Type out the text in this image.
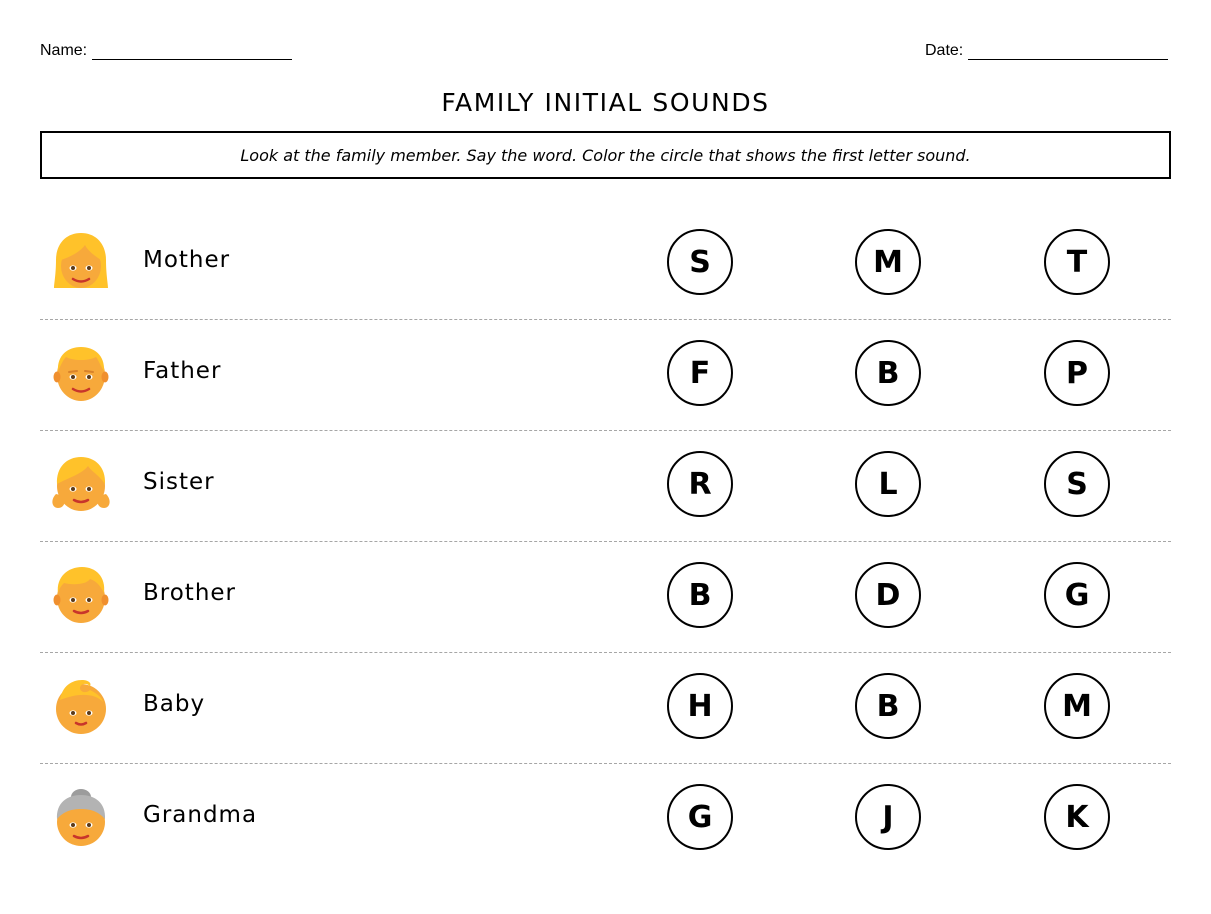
Name:	Date:
FAMILY INITIAL SOUNDS
Look at the family member. Say the word. Color the circle that shows the first letter sound.
Mother	S	M	T
Father	F	B	P
Sister	R	L	S
Brother	B	D	G
Baby	H	B	M
Grandma	G	J	K
